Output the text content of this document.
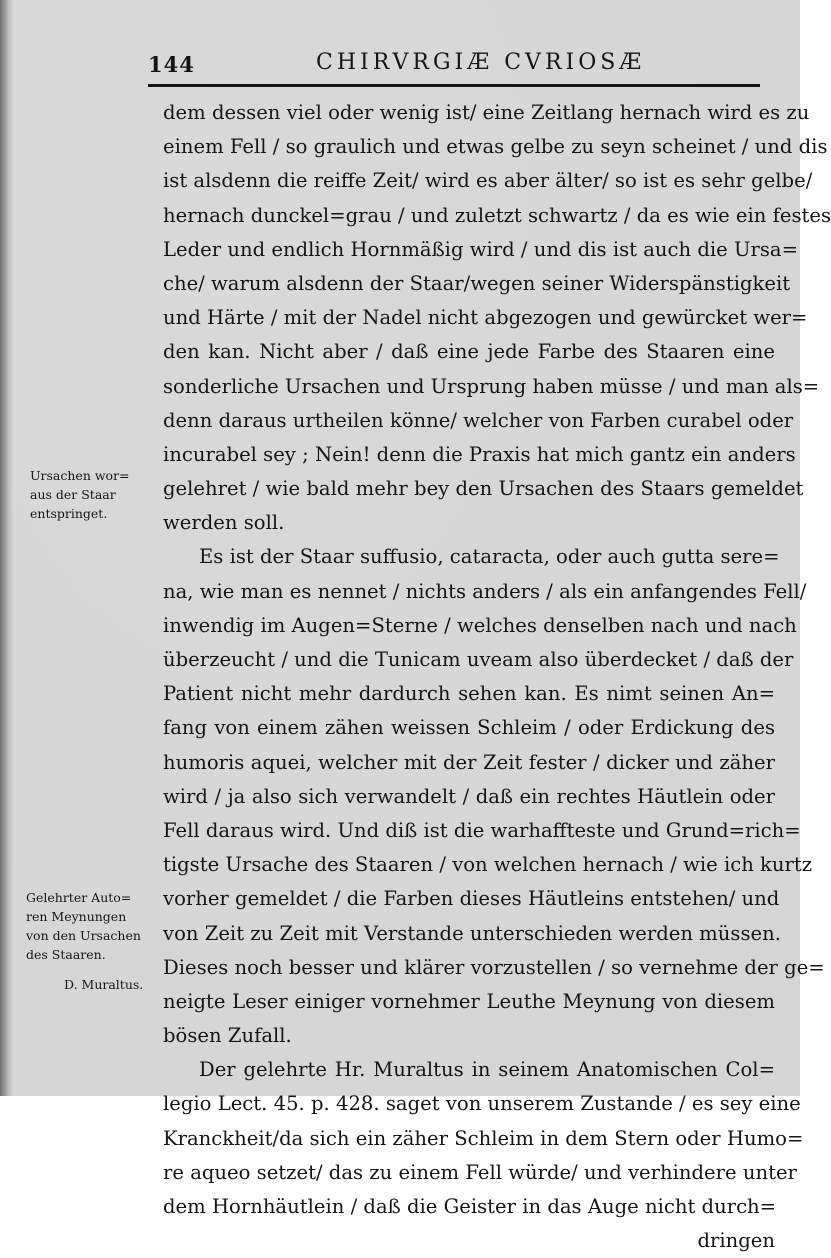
144	CHIRVRGIÆ CVRIOSÆ
dem dessen viel oder wenig ist/ eine Zeitlang hernach wird es zu
einem Fell / so graulich und etwas gelbe zu seyn scheinet / und dis
ist alsdenn die reiffe Zeit/ wird es aber älter/ so ist es sehr gelbe/
hernach dunckel=grau / und zuletzt schwartz / da es wie ein festes
Leder und endlich Hornmäßig wird / und dis ist auch die Ursa=
che/ warum alsdenn der Staar/wegen seiner Widerspänstigkeit
und Härte / mit der Nadel nicht abgezogen und gewürcket wer=
den kan. Nicht aber / daß eine jede Farbe des Staaren eine
sonderliche Ursachen und Ursprung haben müsse / und man als=
denn daraus urtheilen könne/ welcher von Farben curabel oder
incurabel sey ; Nein! denn die Praxis hat mich gantz ein anders
gelehret / wie bald mehr bey den Ursachen des Staars gemeldet
werden soll.
Es ist der Staar suffusio, cataracta, oder auch gutta sere=
na, wie man es nennet / nichts anders / als ein anfangendes Fell/
inwendig im Augen=Sterne / welches denselben nach und nach
überzeucht / und die Tunicam uveam also überdecket / daß der
Patient nicht mehr dardurch sehen kan. Es nimt seinen An=
fang von einem zähen weissen Schleim / oder Erdickung des
humoris aquei, welcher mit der Zeit fester / dicker und zäher
wird / ja also sich verwandelt / daß ein rechtes Häutlein oder
Fell daraus wird. Und diß ist die warhaffteste und Grund=rich=
tigste Ursache des Staaren / von welchen hernach / wie ich kurtz
vorher gemeldet / die Farben dieses Häutleins entstehen/ und
von Zeit zu Zeit mit Verstande unterschieden werden müssen.
Dieses noch besser und klärer vorzustellen / so vernehme der ge=
neigte Leser einiger vornehmer Leuthe Meynung von diesem
bösen Zufall.
Der gelehrte Hr. Muraltus in seinem Anatomischen Col=
legio Lect. 45. p. 428. saget von unserem Zustande / es sey eine
Kranckheit/da sich ein zäher Schleim in dem Stern oder Humo=
re aqueo setzet/ das zu einem Fell würde/ und verhindere unter
dem Hornhäutlein / daß die Geister in das Auge nicht durch=
dringen
Ursachen wor=
aus der Staar
entspringet.
Gelehrter Auto=
ren Meynungen
von den Ursachen
des Staaren.
D. Muraltus.
